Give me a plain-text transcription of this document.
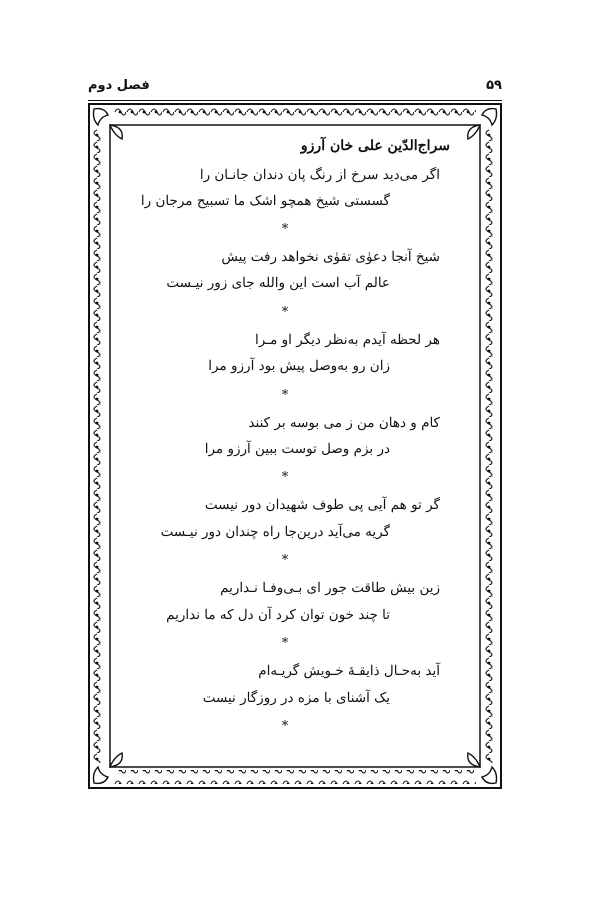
۵۹
فصل دوم
سراج‌الدّین علی خان آرزو
اگر می‌دید سرخ از رنگ پان دندان جانـان را
گسستی شیخ همچو اشک ما تسبیح مرجان را
*
شیخ آنجا دعوٰی تقوٰی نخواهد رفت پیش
عالم آب است این والله جای زور نیـست
*
هر لحظه آیدم به‌نظر دیگر او مـرا
زان رو به‌وصل پیش بود آرزو مرا
*
کام و دهان من ز می بوسه بر کنند
در بزم وصل توست ببین آرزو مرا
*
گر تو هم آیی پی طوف شهیدان دور نیست
گریه می‌آید درین‌جا راه چندان دور نیـست
*
زین بیش طاقت جور ای بـی‌وفـا نـداریم
تا چند خون توان کرد آن دل که ما نداریم
*
آید به‌حـال ذایقـهٔ خـویش گریـه‌ام
یک آشنای با مزه در روزگار نیست
*
